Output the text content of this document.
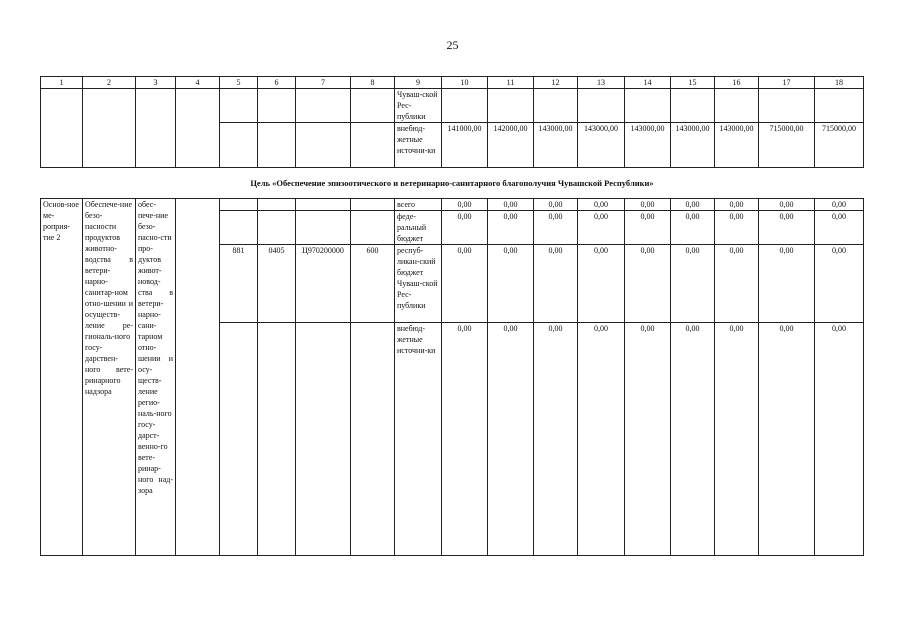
25
1	2	3	4	5	6	7	8	9	10	11	12	13	14	15	16	17	18
								Чуваш-ской Рес-публики									
								внебюд-жетные источни-ки	141000,00	142000,00	143000,00	143000,00	143000,00	143000,00	143000,00	715000,00	715000,00
Цель «Обеспечение эпизоотического и ветеринарно-санитарного благополучия Чувашской Республики»																	
Основ-ное ме-роприя-тие 2	Обеспече-ние безо-пасности продуктов животно-водства в ветери-нарно-санитар-ном отно-шении и осуществ-ление ре-гиональ-ного госу-дарствен-ного вете-ринарного надзора	обес-пече-ние безо-пасно-сти про-дуктов живот-новод-ства в ветери-нарно-сани-тарном отно-шении и осу-ществ-ление регио-наль-ного госу-дарст-венно-го вете-ринар-ного над-зора						всего	0,00	0,00	0,00	0,00	0,00	0,00	0,00	0,00	0,00
								феде-ральный бюджет	0,00	0,00	0,00	0,00	0,00	0,00	0,00	0,00	0,00
				881	0405	Ц970200000	600	респуб-ликан-ский бюджет Чуваш-ской Рес-публики	0,00	0,00	0,00	0,00	0,00	0,00	0,00	0,00	0,00
								внебюд-жетные источни-ки	0,00	0,00	0,00	0,00	0,00	0,00	0,00	0,00	0,00
